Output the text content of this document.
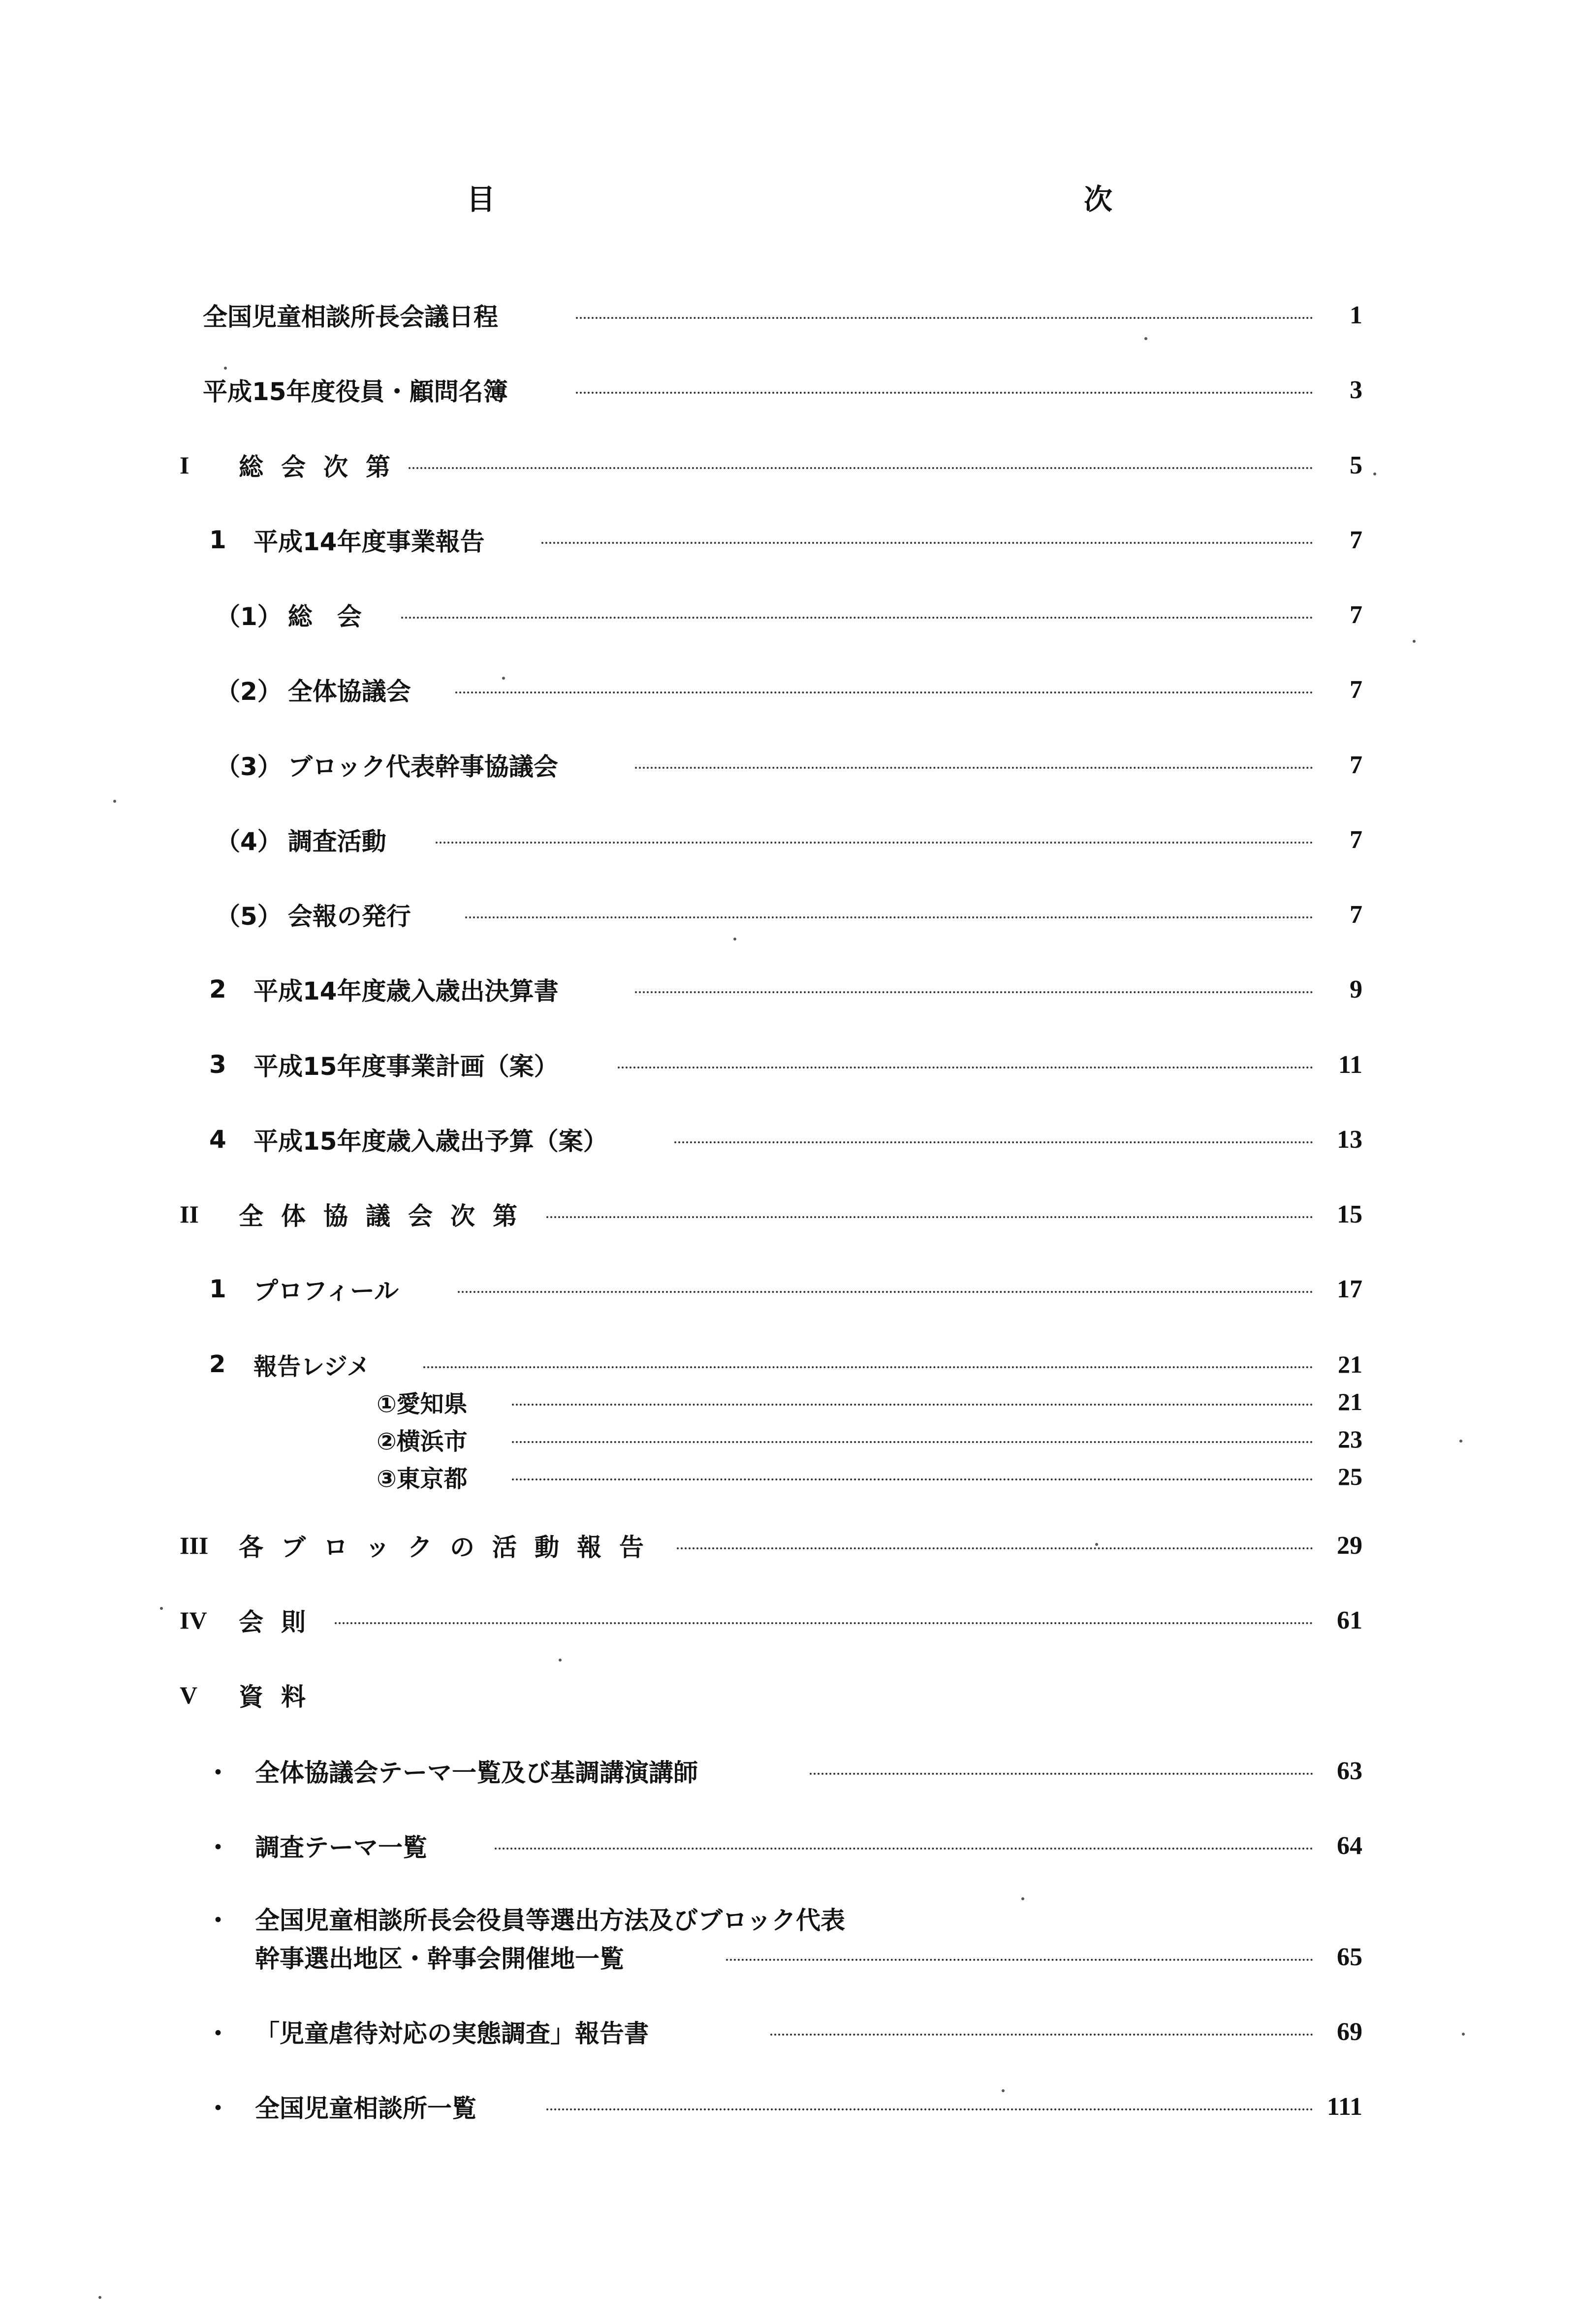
目　　次
全国児童相談所長会議日程	1
平成15年度役員・顧問名簿	3
I	総会次第	5
1	平成14年度事業報告	7
（1） 総　会	7
（2） 全体協議会	7
（3） ブロック代表幹事協議会	7
（4） 調査活動	7
（5） 会報の発行	7
2	平成14年度歳入歳出決算書	9
3	平成15年度事業計画（案）	11
4	平成15年度歳入歳出予算（案）	13
II	全体協議会次第	15
1	プロフィール	17
2	報告レジメ	21
①愛知県	21
②横浜市	23
③東京都	25
III	各ブロックの活動報告	29
IV	会則	61
V	資料
・	全体協議会テーマ一覧及び基調講演講師	63
・	調査テーマ一覧	64
・	全国児童相談所長会役員等選出方法及びブロック代表
幹事選出地区・幹事会開催地一覧	65
・	「児童虐待対応の実態調査」報告書	69
・	全国児童相談所一覧	111
